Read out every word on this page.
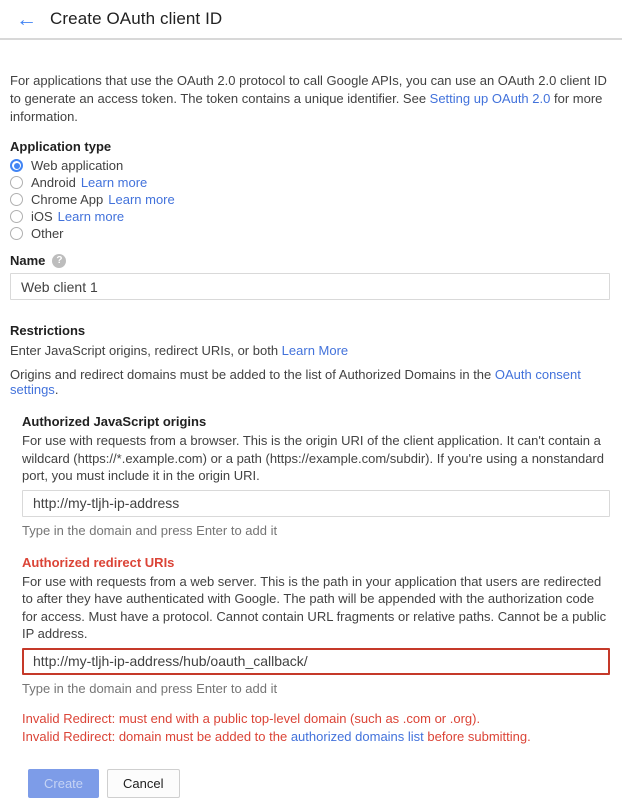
← Create OAuth client ID

For applications that use the OAuth 2.0 protocol to call Google APIs, you can use an OAuth 2.0 client ID to generate an access token. The token contains a unique identifier. See Setting up OAuth 2.0 for more information.

Application type
Web application
Android Learn more
Chrome App Learn more
iOS Learn more
Other
Name	?
Web client 1
Restrictions
Enter JavaScript origins, redirect URIs, or both Learn More
Origins and redirect domains must be added to the list of Authorized Domains in the OAuth consent settings.
Authorized JavaScript origins
For use with requests from a browser. This is the origin URI of the client application. It can't contain a wildcard (https://*.example.com) or a path (https://example.com/subdir). If you're using a nonstandard port, you must include it in the origin URI.
http://my-tljh-ip-address
Type in the domain and press Enter to add it
Authorized redirect URIs
For use with requests from a web server. This is the path in your application that users are redirected to after they have authenticated with Google. The path will be appended with the authorization code for access. Must have a protocol. Cannot contain URL fragments or relative paths. Cannot be a public IP address.
http://my-tljh-ip-address/hub/oauth_callback/
Type in the domain and press Enter to add it
Invalid Redirect: must end with a public top-level domain (such as .com or .org).
Invalid Redirect: domain must be added to the authorized domains list before submitting.
Create	Cancel
